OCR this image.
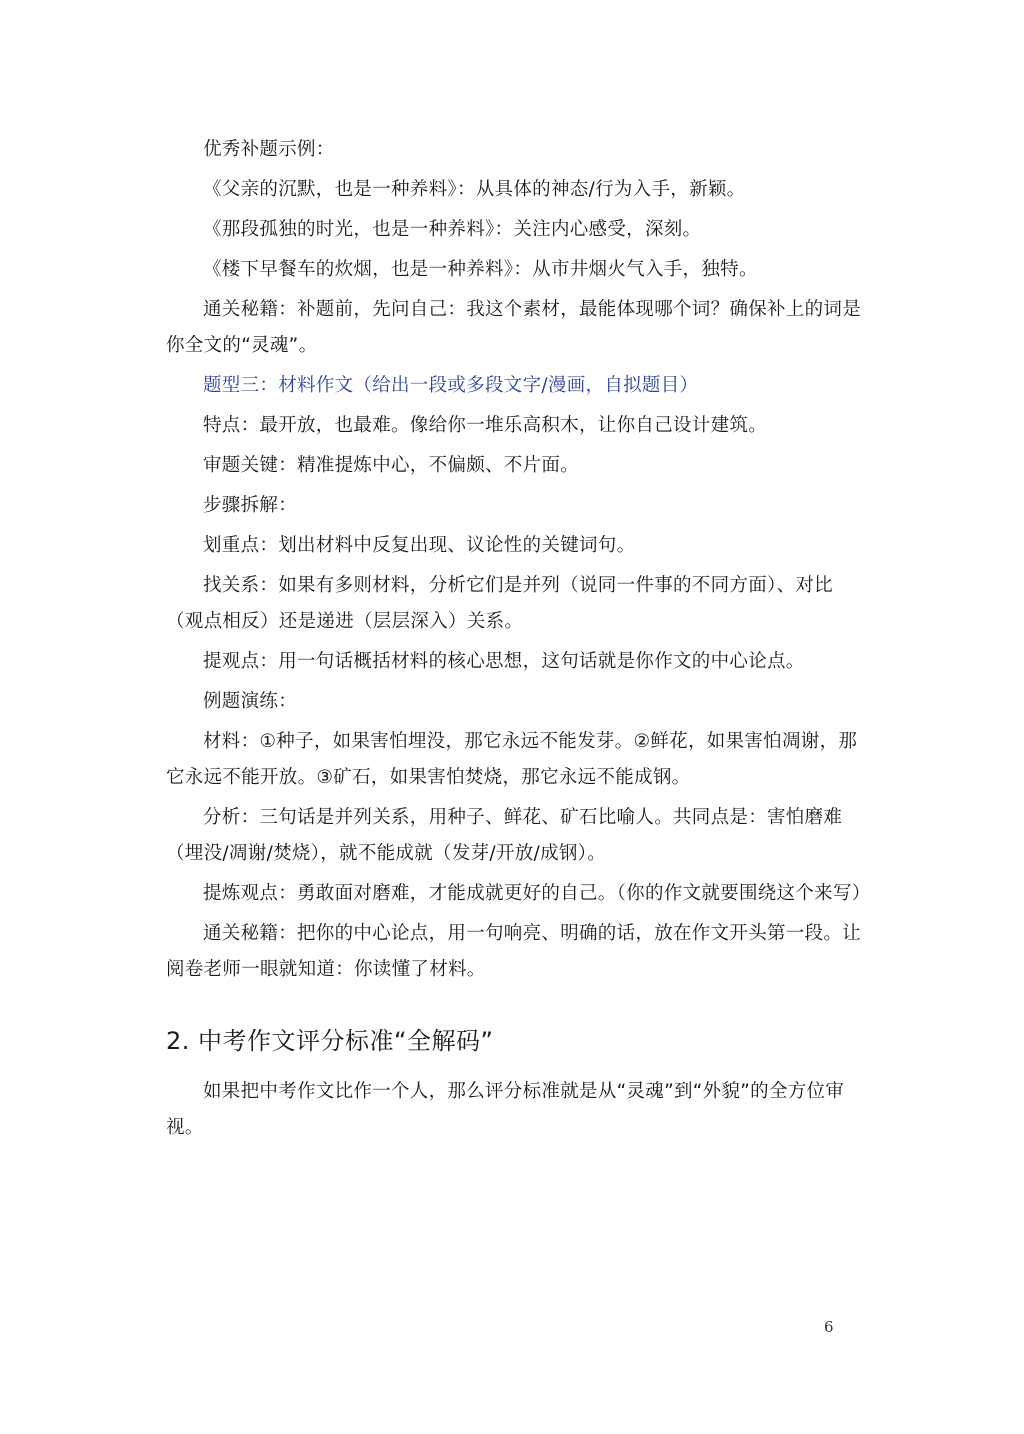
优秀补题示例：

《父亲的沉默，也是一种养料》：从具体的神态/行为入手，新颖。

《那段孤独的时光，也是一种养料》：关注内心感受，深刻。

《楼下早餐车的炊烟，也是一种养料》：从市井烟火气入手，独特。

通关秘籍：补题前，先问自己：我这个素材，最能体现哪个词？确保补上的词是你全文的“灵魂”。

题型三：材料作文（给出一段或多段文字/漫画，自拟题目）

特点：最开放，也最难。像给你一堆乐高积木，让你自己设计建筑。

审题关键：精准提炼中心，不偏颇、不片面。

步骤拆解：

划重点：划出材料中反复出现、议论性的关键词句。

找关系：如果有多则材料，分析它们是并列（说同一件事的不同方面）、对比（观点相反）还是递进（层层深入）关系。

提观点：用一句话概括材料的核心思想，这句话就是你作文的中心论点。

例题演练：

材料：①种子，如果害怕埋没，那它永远不能发芽。②鲜花，如果害怕凋谢，那它永远不能开放。③矿石，如果害怕焚烧，那它永远不能成钢。

分析：三句话是并列关系，用种子、鲜花、矿石比喻人。共同点是：害怕磨难（埋没/凋谢/焚烧），就不能成就（发芽/开放/成钢）。

提炼观点：勇敢面对磨难，才能成就更好的自己。（你的作文就要围绕这个来写）

通关秘籍：把你的中心论点，用一句响亮、明确的话，放在作文开头第一段。让阅卷老师一眼就知道：你读懂了材料。

2. 中考作文评分标准“全解码”

如果把中考作文比作一个人，那么评分标准就是从“灵魂”到“外貌”的全方位审视。

6
